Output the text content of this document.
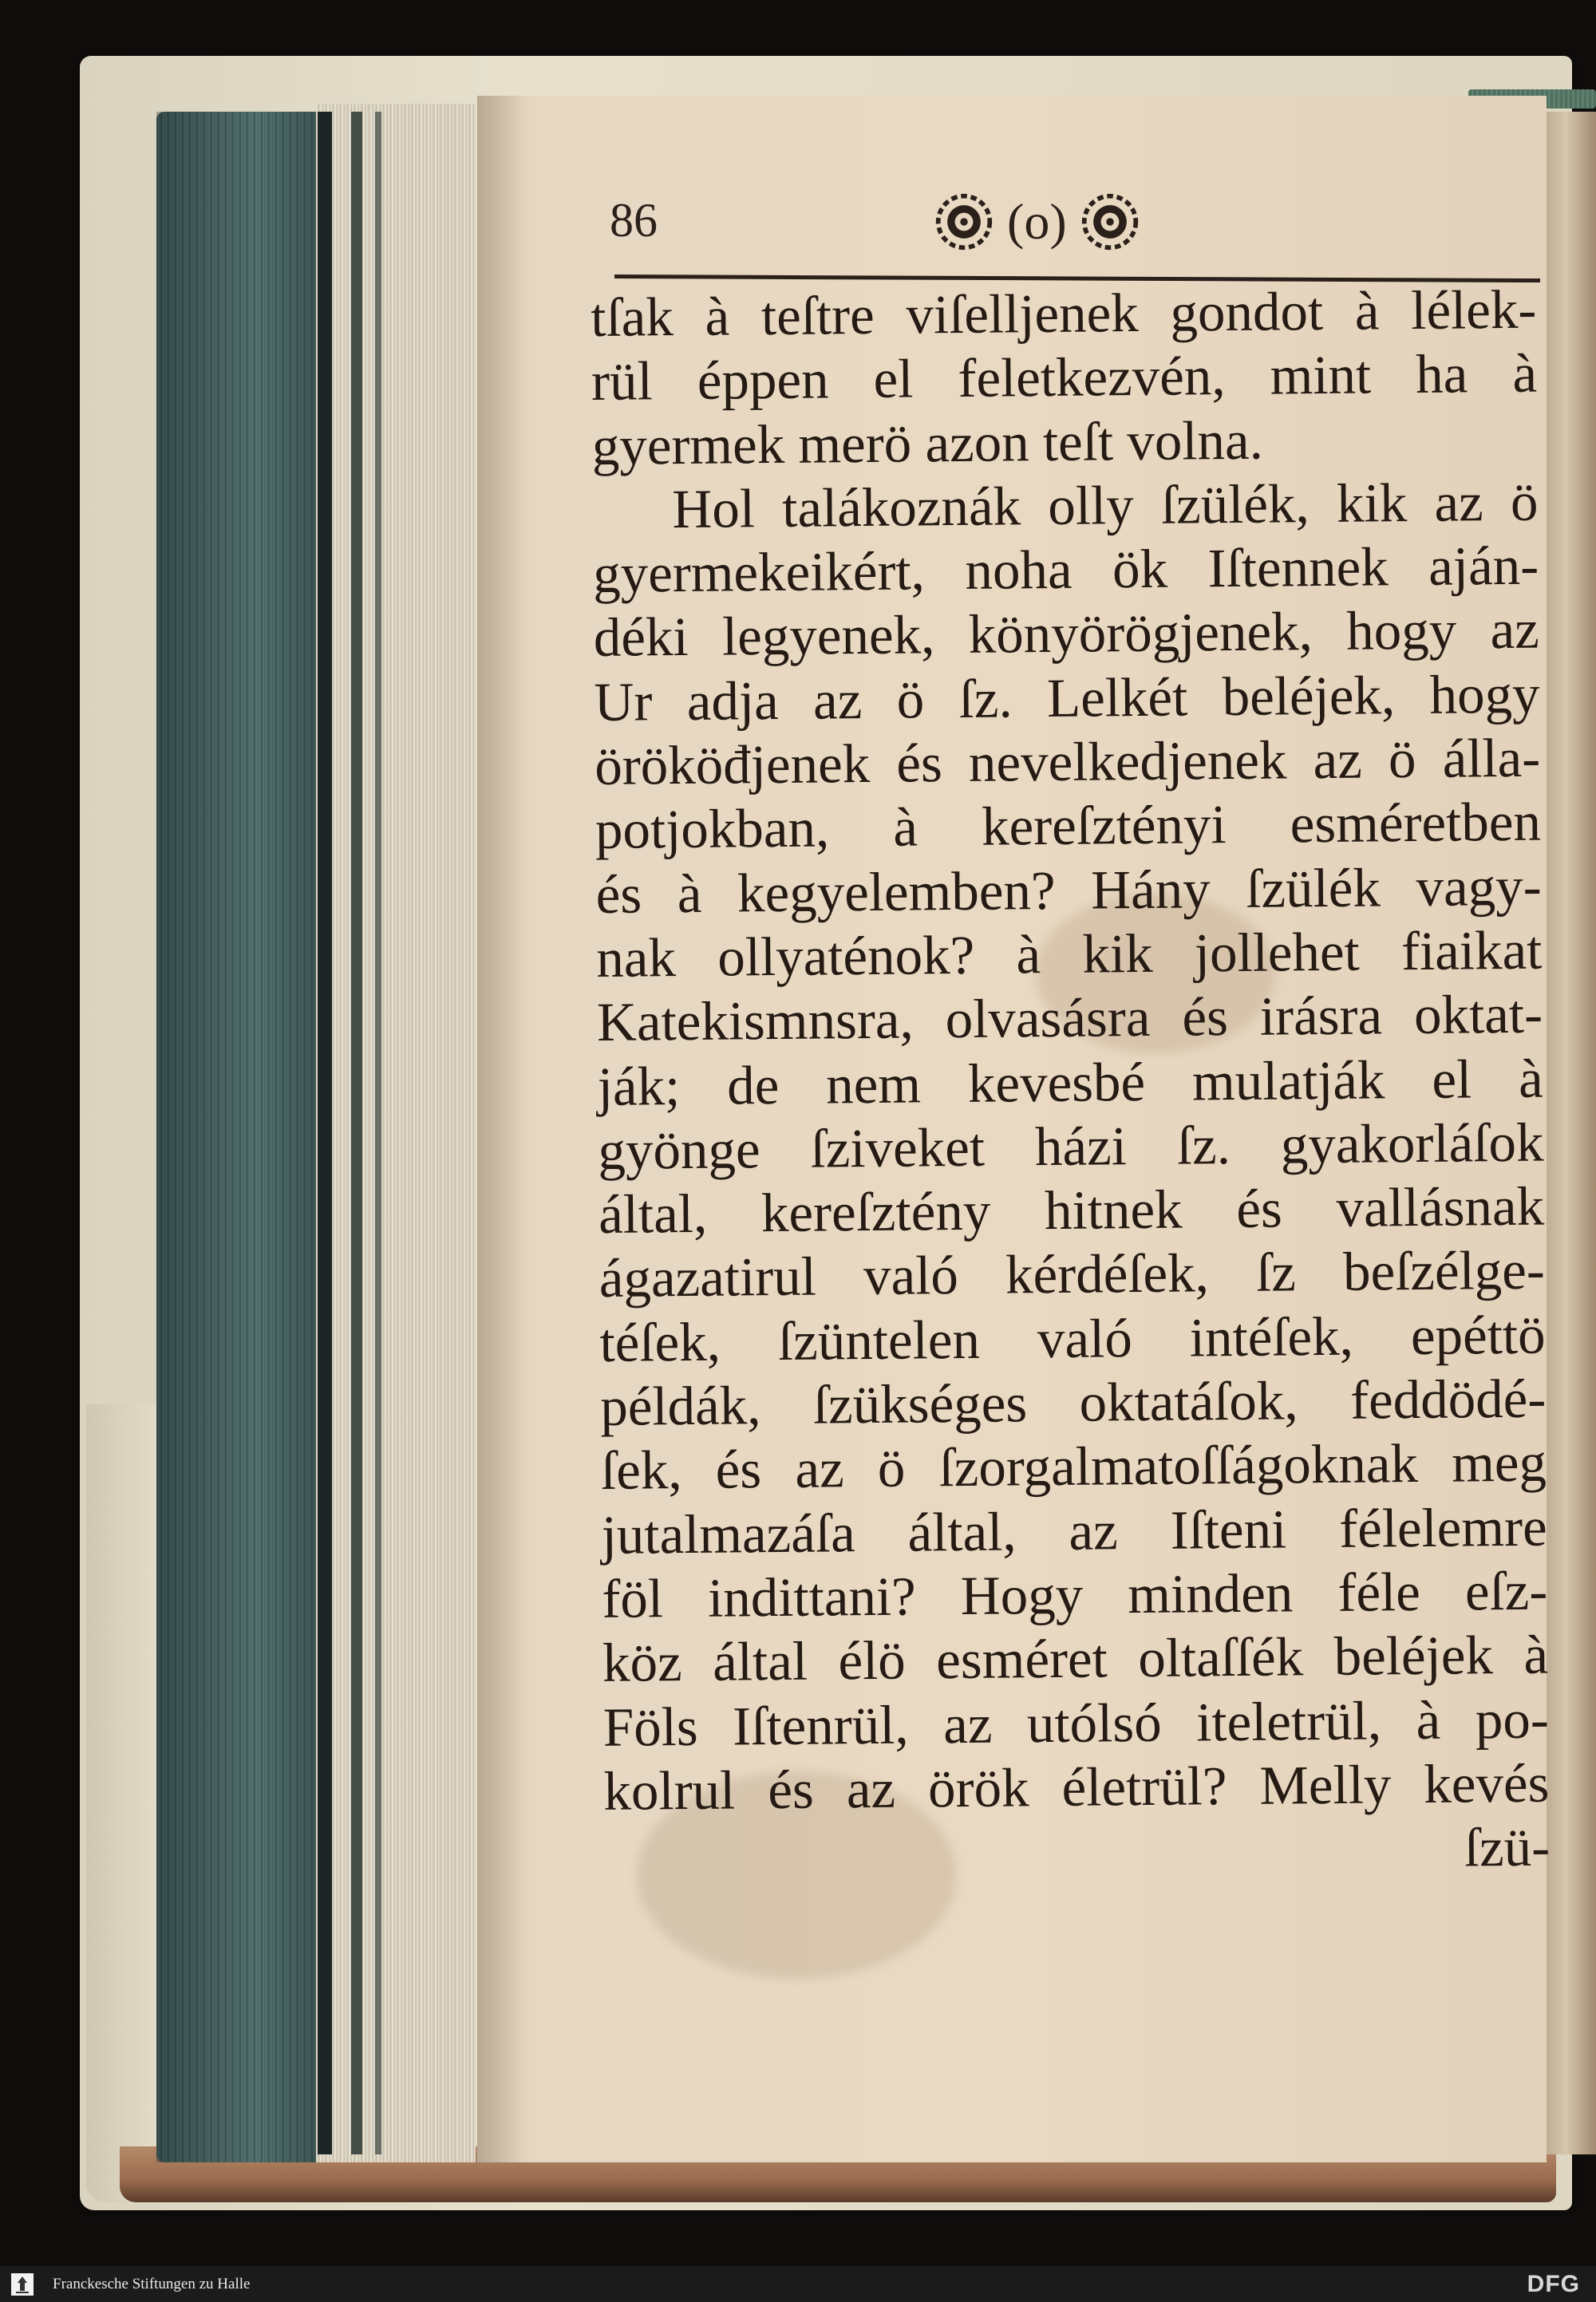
86	(o)
tſak à teſtre viſelljenek gondot à lélek-
rül éppen el feletkezvén, mint ha à
gyermek merö azon teſt volna.
Hol talákoznák olly ſzülék, kik az ö
gyermekeikért, noha ök Iſtennek aján-
déki legyenek, könyörögjenek, hogy az
Ur adja az ö ſz. Lelkét beléjek, hogy
örököđjenek és nevelkedjenek az ö álla-
potjokban, à kereſztényi esméretben
és à kegyelemben? Hány ſzülék vagy-
nak ollyaténok? à kik jollehet fiaikat
Katekismnsra, olvasásra és irásra oktat-
ják; de nem kevesbé mulatják el à
gyönge ſziveket házi ſz. gyakorláſok
által, kereſztény hitnek és vallásnak
ágazatirul való kérdéſek, ſz beſzélge-
téſek, ſzüntelen való intéſek, epéttö
példák, ſzükséges oktatáſok, feddödé-
ſek, és az ö ſzorgalmatoſſágoknak meg
jutalmazáſa által, az Iſteni félelemre
föl indittani? Hogy minden féle eſz-
köz által élö esméret oltaſſék beléjek à
Föls Iſtenrül, az utólsó iteletrül, à po-
kolrul és az örök életrül? Melly kevés
ſzü-
Franckesche Stiftungen zu Halle	DFG
